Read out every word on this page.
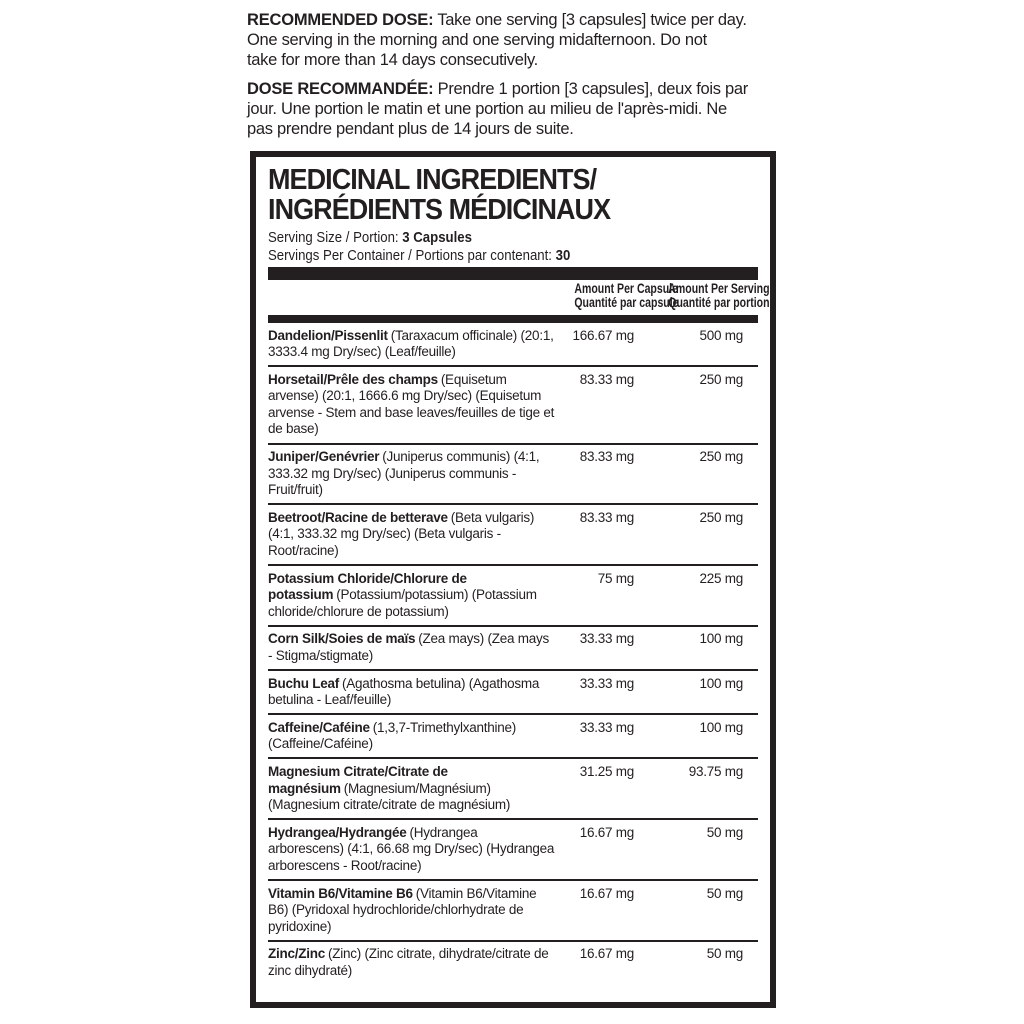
RECOMMENDED DOSE: Take one serving [3 capsules] twice per day.
One serving in the morning and one serving midafternoon. Do not
take for more than 14 days consecutively.
DOSE RECOMMANDÉE: Prendre 1 portion [3 capsules], deux fois par
jour. Une portion le matin et une portion au milieu de l'après-midi. Ne
pas prendre pendant plus de 14 jours de suite.
MEDICINAL INGREDIENTS/
INGRÉDIENTS MÉDICINAUX
Serving Size / Portion: 3 Capsules
Servings Per Container / Portions par contenant: 30
Amount Per Capsule
Quantité par capsule
Amount Per Serving
Quantité par portion
Dandelion/Pissenlit (Taraxacum officinale) (20:1, 3333.4 mg Dry/sec) (Leaf/feuille)
166.67 mg	500 mg
Horsetail/Prêle des champs (Equisetum arvense) (20:1, 1666.6 mg Dry/sec) (Equisetum arvense - Stem and base leaves/feuilles de tige et de base)
83.33 mg	250 mg
Juniper/Genévrier (Juniperus communis) (4:1, 333.32 mg Dry/sec) (Juniperus communis - Fruit/fruit)
83.33 mg	250 mg
Beetroot/Racine de betterave (Beta vulgaris) (4:1, 333.32 mg Dry/sec) (Beta vulgaris - Root/racine)
83.33 mg	250 mg
Potassium Chloride/Chlorure de potassium (Potassium/potassium) (Potassium chloride/chlorure de potassium)
75 mg	225 mg
Corn Silk/Soies de maïs (Zea mays) (Zea mays - Stigma/stigmate)
33.33 mg	100 mg
Buchu Leaf (Agathosma betulina) (Agathosma betulina - Leaf/feuille)
33.33 mg	100 mg
Caffeine/Caféine (1,3,7-Trimethylxanthine) (Caffeine/Caféine)
33.33 mg	100 mg
Magnesium Citrate/Citrate de magnésium (Magnesium/Magnésium) (Magnesium citrate/citrate de magnésium)
31.25 mg	93.75 mg
Hydrangea/Hydrangée (Hydrangea arborescens) (4:1, 66.68 mg Dry/sec) (Hydrangea arborescens - Root/racine)
16.67 mg	50 mg
Vitamin B6/Vitamine B6 (Vitamin B6/Vitamine B6) (Pyridoxal hydrochloride/chlorhydrate de pyridoxine)
16.67 mg	50 mg
Zinc/Zinc (Zinc) (Zinc citrate, dihydrate/citrate de zinc dihydraté)
16.67 mg	50 mg
